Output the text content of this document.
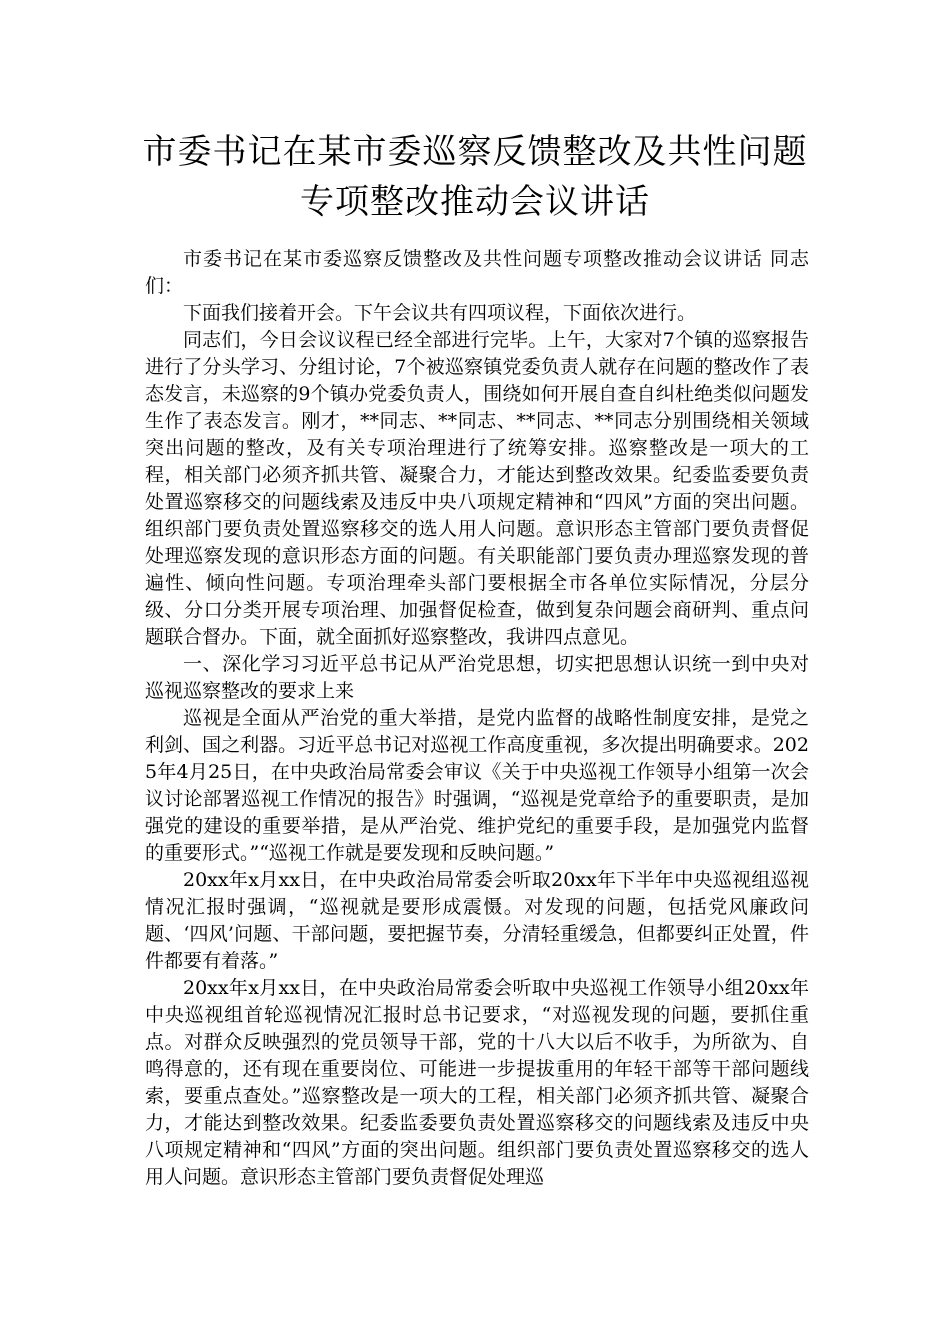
市委书记在某市委巡察反馈整改及共性问题专项整改推动会议讲话

市委书记在某市委巡察反馈整改及共性问题专项整改推动会议讲话 同志们：

下面我们接着开会。下午会议共有四项议程，下面依次进行。

同志们，今日会议议程已经全部进行完毕。上午，大家对7个镇的巡察报告进行了分头学习、分组讨论，7个被巡察镇党委负责人就存在问题的整改作了表态发言，未巡察的9个镇办党委负责人，围绕如何开展自查自纠杜绝类似问题发生作了表态发言。刚才，**同志、**同志、**同志、**同志分别围绕相关领域突出问题的整改，及有关专项治理进行了统筹安排。巡察整改是一项大的工程，相关部门必须齐抓共管、凝聚合力，才能达到整改效果。纪委监委要负责处置巡察移交的问题线索及违反中央八项规定精神和“四风”方面的突出问题。组织部门要负责处置巡察移交的选人用人问题。意识形态主管部门要负责督促处理巡察发现的意识形态方面的问题。有关职能部门要负责办理巡察发现的普遍性、倾向性问题。专项治理牵头部门要根据全市各单位实际情况，分层分级、分口分类开展专项治理、加强督促检查，做到复杂问题会商研判、重点问题联合督办。下面，就全面抓好巡察整改，我讲四点意见。

一、深化学习习近平总书记从严治党思想，切实把思想认识统一到中央对巡视巡察整改的要求上来

巡视是全面从严治党的重大举措，是党内监督的战略性制度安排，是党之利剑、国之利器。习近平总书记对巡视工作高度重视，多次提出明确要求。2025年4月25日，在中央政治局常委会审议《关于中央巡视工作领导小组第一次会议讨论部署巡视工作情况的报告》时强调，“巡视是党章给予的重要职责，是加强党的建设的重要举措，是从严治党、维护党纪的重要手段，是加强党内监督的重要形式。”“巡视工作就是要发现和反映问题。”

20xx年x月xx日，在中央政治局常委会听取20xx年下半年中央巡视组巡视情况汇报时强调，“巡视就是要形成震慑。对发现的问题，包括党风廉政问题、‘四风’问题、干部问题，要把握节奏，分清轻重缓急，但都要纠正处置，件件都要有着落。”

20xx年x月xx日，在中央政治局常委会听取中央巡视工作领导小组20xx年中央巡视组首轮巡视情况汇报时总书记要求，“对巡视发现的问题，要抓住重点。对群众反映强烈的党员领导干部，党的十八大以后不收手，为所欲为、自鸣得意的，还有现在重要岗位、可能进一步提拔重用的年轻干部等干部问题线索，要重点查处。”巡察整改是一项大的工程，相关部门必须齐抓共管、凝聚合力，才能达到整改效果。纪委监委要负责处置巡察移交的问题线索及违反中央八项规定精神和“四风”方面的突出问题。组织部门要负责处置巡察移交的选人用人问题。意识形态主管部门要负责督促处理巡
